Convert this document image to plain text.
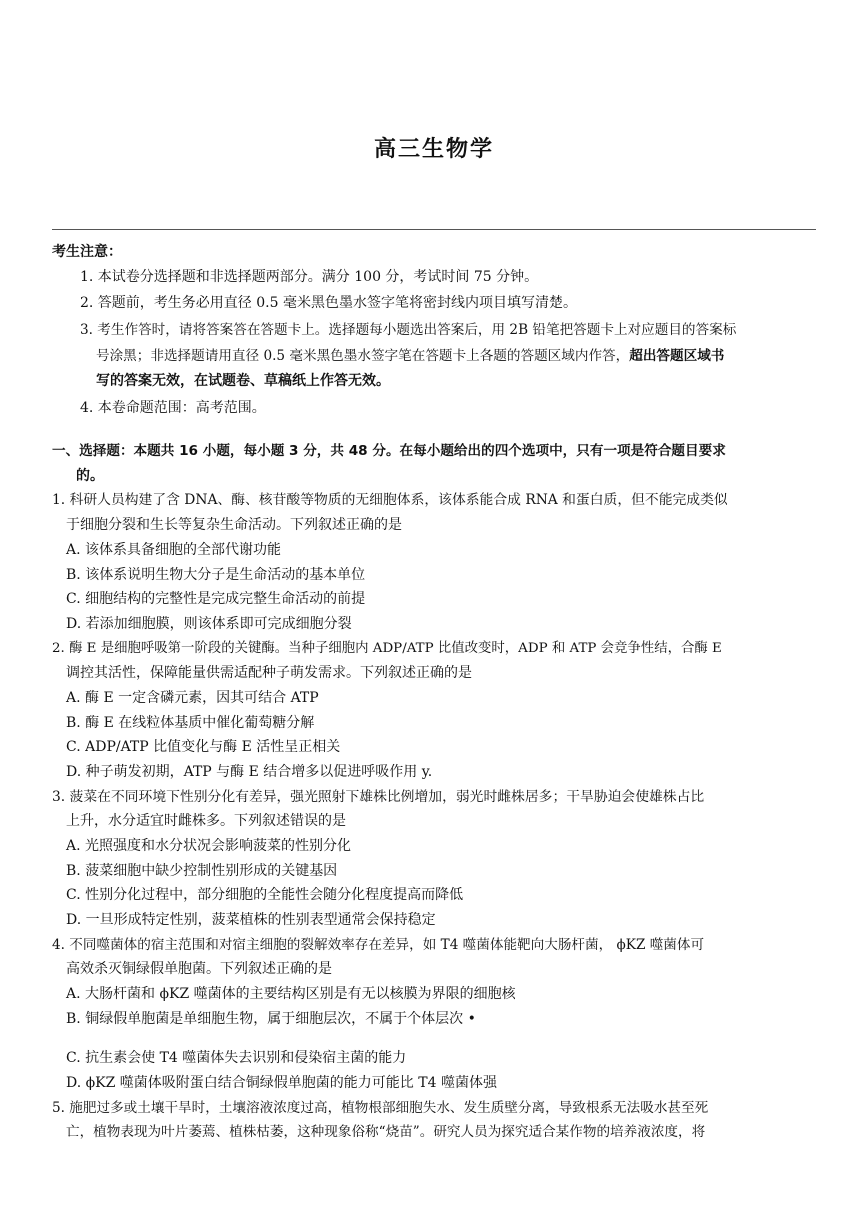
高三生物学
考生注意：
1. 本试卷分选择题和非选择题两部分。满分 100 分，考试时间 75 分钟。
2. 答题前，考生务必用直径 0.5 毫米黑色墨水签字笔将密封线内项目填写清楚。
3. 考生作答时，请将答案答在答题卡上。选择题每小题选出答案后，用 2B 铅笔把答题卡上对应题目的答案标
号涂黑；非选择题请用直径 0.5 毫米黑色墨水签字笔在答题卡上各题的答题区域内作答，超出答题区域书
写的答案无效，在试题卷、草稿纸上作答无效。
4. 本卷命题范围：高考范围。
一、选择题：本题共 16 小题，每小题 3 分，共 48 分。在每小题给出的四个选项中，只有一项是符合题目要求
的。
1. 科研人员构建了含 DNA、酶、核苷酸等物质的无细胞体系，该体系能合成 RNA 和蛋白质，但不能完成类似
于细胞分裂和生长等复杂生命活动。下列叙述正确的是
A. 该体系具备细胞的全部代谢功能
B. 该体系说明生物大分子是生命活动的基本单位
C. 细胞结构的完整性是完成完整生命活动的前提
D. 若添加细胞膜，则该体系即可完成细胞分裂
2. 酶 E 是细胞呼吸第一阶段的关键酶。当种子细胞内 ADP/ATP 比值改变时，ADP 和 ATP 会竞争性结，合酶 E
调控其活性，保障能量供需适配种子萌发需求。下列叙述正确的是
A. 酶 E 一定含磷元素，因其可结合 ATP
B. 酶 E 在线粒体基质中催化葡萄糖分解
C. ADP/ATP 比值变化与酶 E 活性呈正相关
D. 种子萌发初期，ATP 与酶 E 结合增多以促进呼吸作用 y.
3. 菠菜在不同环境下性别分化有差异，强光照射下雄株比例增加，弱光时雌株居多；干旱胁迫会使雄株占比
上升，水分适宜时雌株多。下列叙述错误的是
A. 光照强度和水分状况会影响菠菜的性别分化
B. 菠菜细胞中缺少控制性别形成的关键基因
C. 性别分化过程中，部分细胞的全能性会随分化程度提高而降低
D. 一旦形成特定性别，菠菜植株的性别表型通常会保持稳定
4. 不同噬菌体的宿主范围和对宿主细胞的裂解效率存在差异，如 T4 噬菌体能靶向大肠杆菌， ϕKZ 噬菌体可
高效杀灭铜绿假单胞菌。下列叙述正确的是
A. 大肠杆菌和 ϕKZ 噬菌体的主要结构区别是有无以核膜为界限的细胞核
B. 铜绿假单胞菌是单细胞生物，属于细胞层次，不属于个体层次 •
C. 抗生素会使 T4 噬菌体失去识别和侵染宿主菌的能力
D. ϕKZ 噬菌体吸附蛋白结合铜绿假单胞菌的能力可能比 T4 噬菌体强
5. 施肥过多或土壤干旱时，土壤溶液浓度过高，植物根部细胞失水、发生质壁分离，导致根系无法吸水甚至死
亡，植物表现为叶片萎蔫、植株枯萎，这种现象俗称“烧苗”。研究人员为探究适合某作物的培养液浓度，将
